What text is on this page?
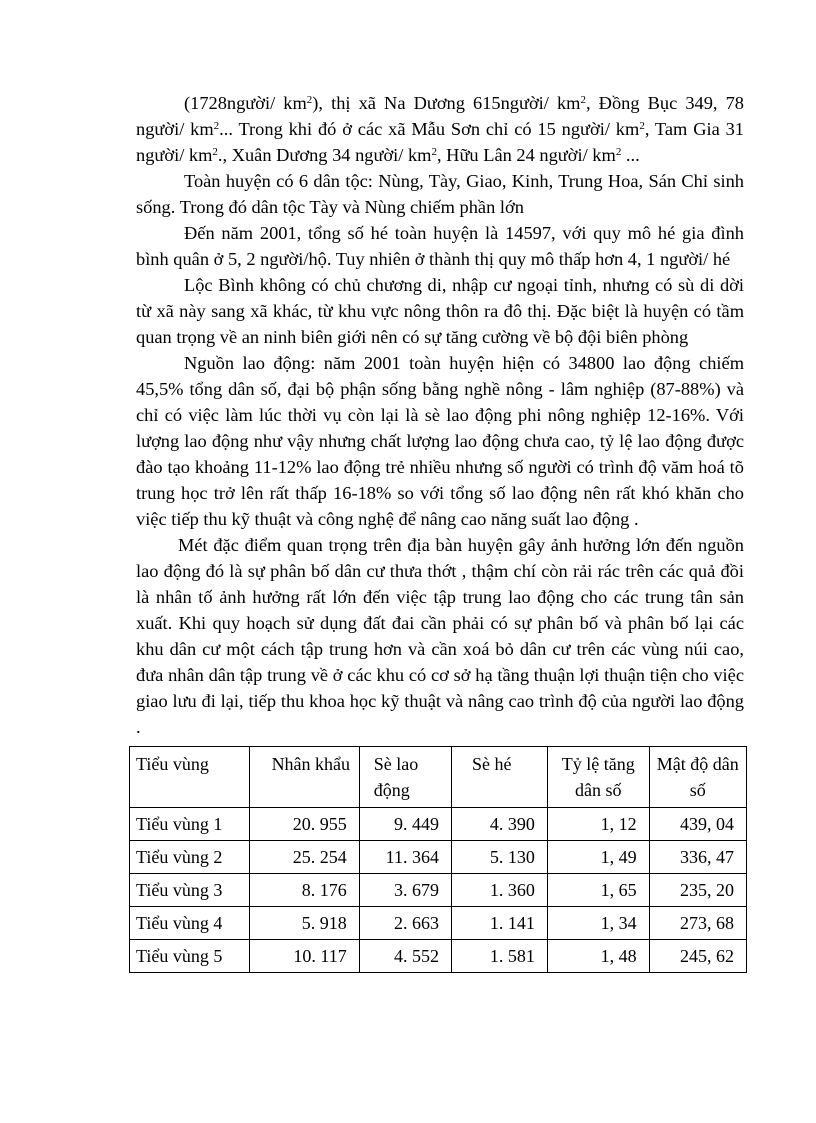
(1728người/ $km^2$), thị xã Na Dương 615người/ $km^2$, Đồng Bục 349, 78 người/ $km^2$... Trong khi đó ở các xã Mẫu Sơn chỉ có 15 người/ $km^2$, Tam Gia 31 người/ $km^2$., Xuân Dương 34 người/ $km^2$, Hữu Lân 24 người/ $km^2$ ...

Toàn huyện có 6 dân tộc: Nùng, Tày, Giao, Kinh, Trung Hoa, Sán Chỉ sinh sống. Trong đó dân tộc Tày và Nùng chiếm phần lớn

Đến năm 2001, tổng số hé toàn huyện là 14597, với quy mô hé gia đình bình quân ở 5, 2 người/hộ. Tuy nhiên ở thành thị quy mô thấp hơn 4, 1 người/ hé

Lộc Bình không có chủ chương di, nhập cư ngoại tỉnh, nhưng có sù di dời từ xã này sang xã khác, từ khu vực nông thôn ra đô thị. Đặc biệt là huyện có tầm quan trọng về an ninh biên giới nên có sự tăng cường về bộ đội biên phòng

Nguồn lao động: năm 2001 toàn huyện hiện có 34800 lao động chiếm 45,5% tổng dân số, đại bộ phận sống bằng nghề nông - lâm nghiệp (87-88%) và chỉ có việc làm lúc thời vụ còn lại là sè lao động phi nông nghiệp 12-16%. Với lượng lao động như vậy nhưng chất lượng lao động chưa cao, tỷ lệ lao động được đào tạo khoảng 11-12% lao động trẻ nhiều nhưng số người có trình độ văm hoá tõ trung học trở lên rất thấp 16-18% so với tổng số lao động nên rất khó khăn cho việc tiếp thu kỹ thuật và công nghệ để nâng cao năng suất lao động .

Mét đặc điểm quan trọng trên địa bàn huyện gây ảnh hưởng lớn đến nguồn lao động đó là sự phân bố dân cư thưa thớt , thậm chí còn rải rác trên các quả đồi là nhân tố ảnh hưởng rất lớn đến việc tập trung lao động cho các trung tân sản xuất. Khi quy hoạch sử dụng đất đai cần phải có sự phân bố và phân bố lại các khu dân cư một cách tập trung hơn và cần xoá bỏ dân cư trên các vùng núi cao, đưa nhân dân tập trung về ở các khu có cơ sở hạ tầng thuận lợi thuận tiện cho việc giao lưu đi lại, tiếp thu khoa học kỹ thuật và nâng cao trình độ của người lao động .

Tiểu vùng	Nhân khẩu	Sè lao động	Sè hé	Tỷ lệ tăng dân số	Mật độ dân số
Tiểu vùng 1	20. 955	9. 449	4. 390	1, 12	439, 04
Tiểu vùng 2	25. 254	11. 364	5. 130	1, 49	336, 47
Tiểu vùng 3	8. 176	3. 679	1. 360	1, 65	235, 20
Tiểu vùng 4	5. 918	2. 663	1. 141	1, 34	273, 68
Tiểu vùng 5	10. 117	4. 552	1. 581	1, 48	245, 62
